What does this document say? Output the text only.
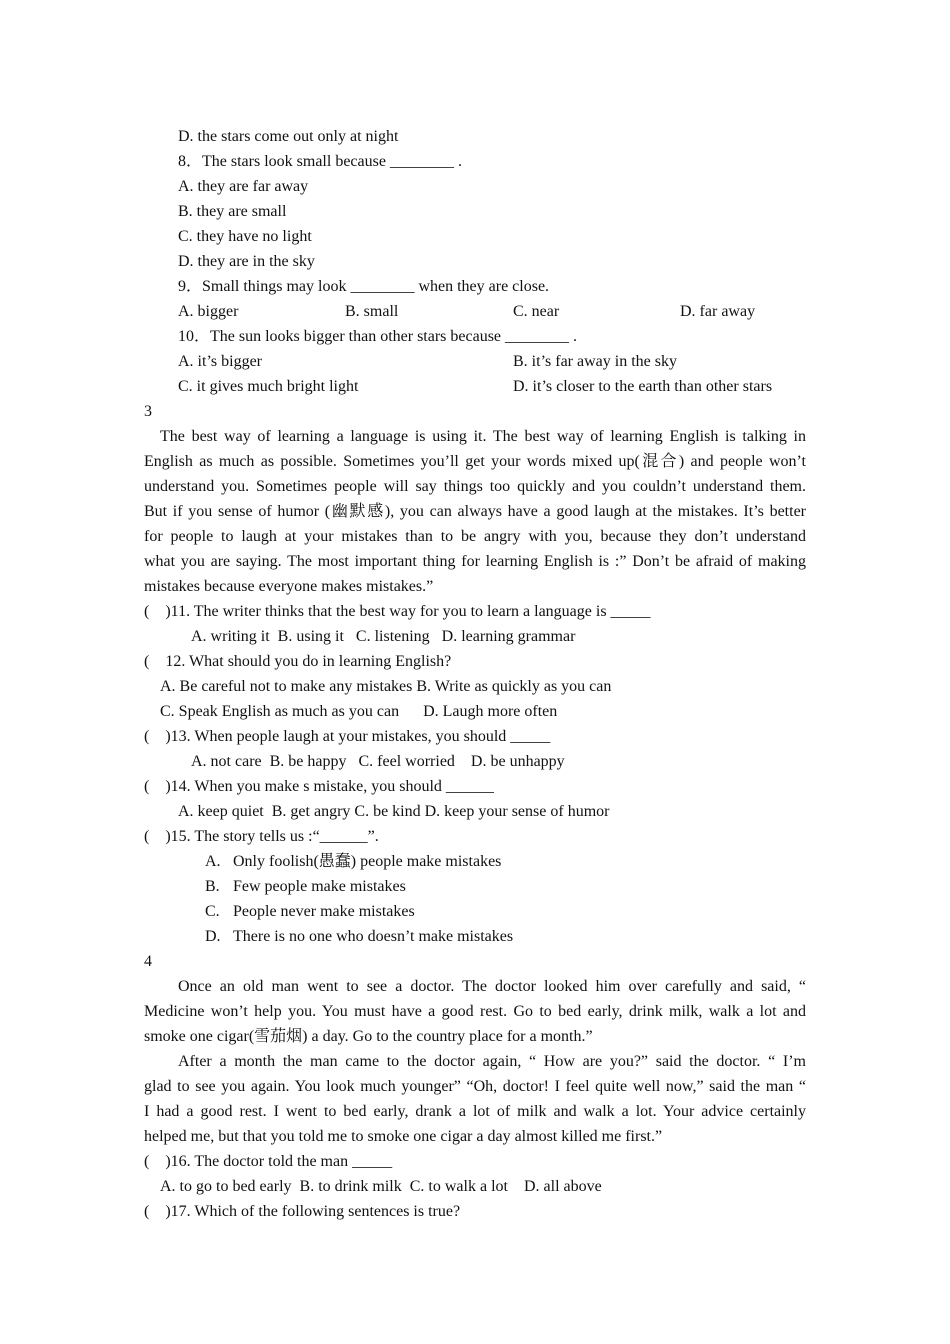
D. the stars come out only at night
8．The stars look small because ________ .
A. they are far away
B. they are small
C. they have no light
D. they are in the sky
9．Small things may look ________ when they are close.
A. bigger	B. small	C. near	D. far away
10．The sun looks bigger than other stars because ________ .
A. it’s bigger	B. it’s far away in the sky
C. it gives much bright light	D. it’s closer to the earth than other stars
3
The best way of learning a language is using it. The best way of learning English is talking in
English as much as possible. Sometimes you’ll get your words mixed up(混合) and people won’t
understand you. Sometimes people will say things too quickly and you couldn’t understand them.
But if you sense of humor (幽默感), you can always have a good laugh at the mistakes. It’s better
for people to laugh at your mistakes than to be angry with you, because they don’t understand
what you are saying. The most important thing for learning English is :” Don’t be afraid of making
mistakes because everyone makes mistakes.”
(    )11. The writer thinks that the best way for you to learn a language is _____
A. writing it  B. using it   C. listening   D. learning grammar
(    12. What should you do in learning English?
A. Be careful not to make any mistakes B. Write as quickly as you can
C. Speak English as much as you can      D. Laugh more often
(    )13. When people laugh at your mistakes, you should _____
A. not care  B. be happy   C. feel worried    D. be unhappy
(    )14. When you make s mistake, you should ______
A. keep quiet  B. get angry C. be kind D. keep your sense of humor
(    )15. The story tells us :“______”.
A. Only foolish(愚蠢) people make mistakes
B. Few people make mistakes
C. People never make mistakes
D. There is no one who doesn’t make mistakes
4
Once an old man went to see a doctor. The doctor looked him over carefully and said, “
Medicine won’t help you. You must have a good rest. Go to bed early, drink milk, walk a lot and
smoke one cigar(雪茄烟) a day. Go to the country place for a month.”
After a month the man came to the doctor again, “ How are you?” said the doctor. “ I’m
glad to see you again. You look much younger” “Oh, doctor! I feel quite well now,” said the man “
I had a good rest. I went to bed early, drank a lot of milk and walk a lot. Your advice certainly
helped me, but that you told me to smoke one cigar a day almost killed me first.”
(    )16. The doctor told the man _____
A. to go to bed early  B. to drink milk  C. to walk a lot    D. all above
(    )17. Which of the following sentences is true?
